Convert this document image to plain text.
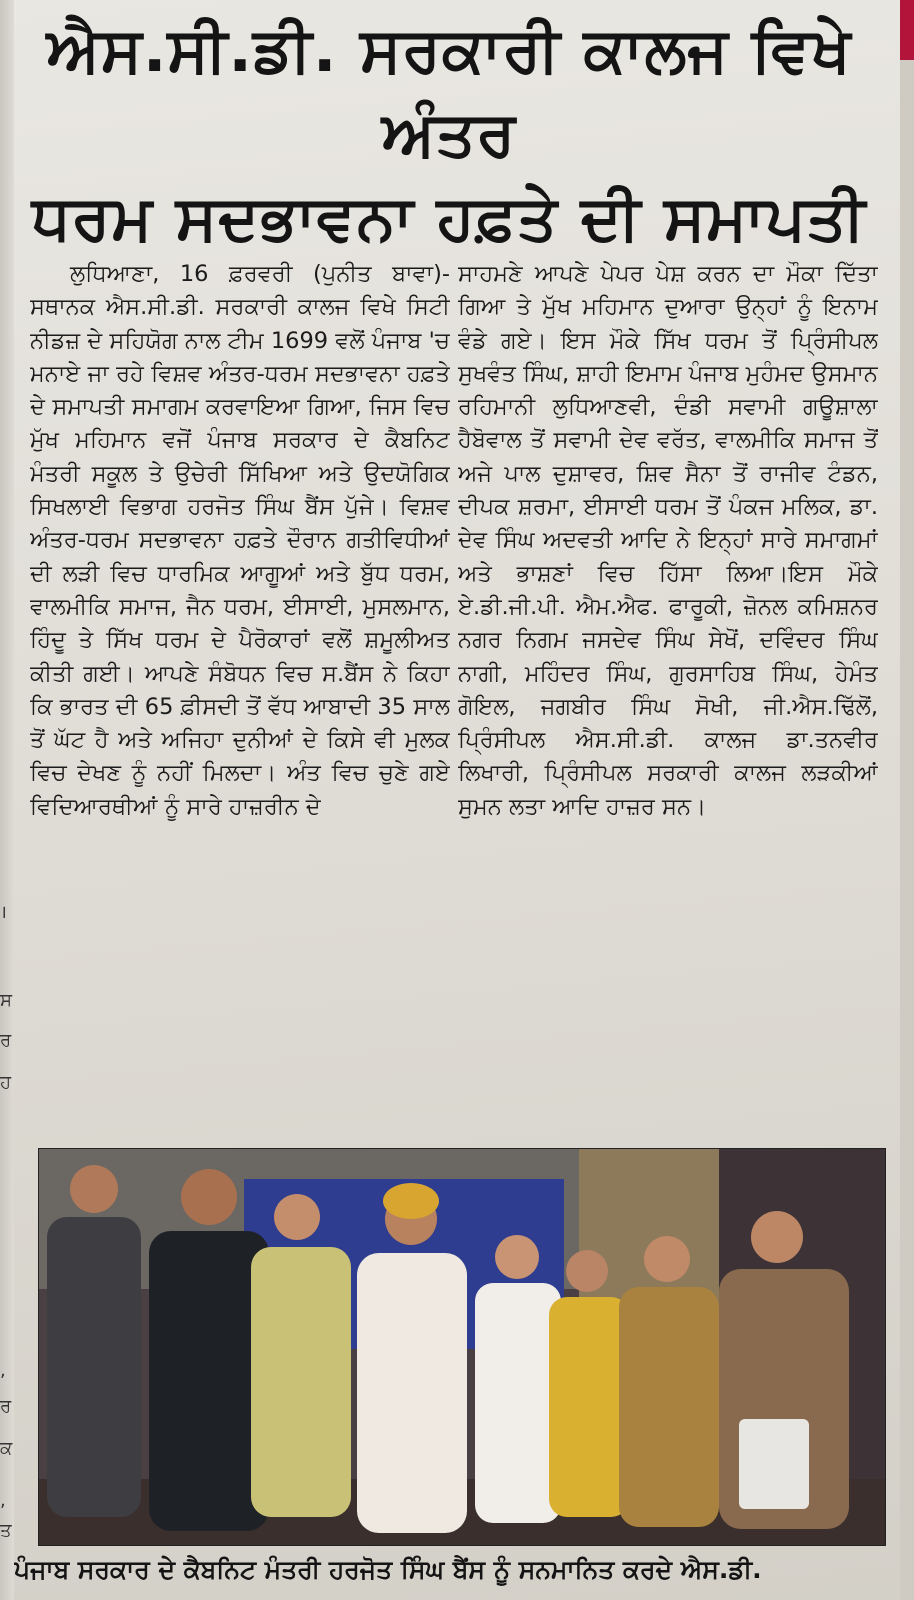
।
ਸ
ਰ
ਹ
,
ਰ
ਕ
,
ਤ
ਐਸ.ਸੀ.ਡੀ. ਸਰਕਾਰੀ ਕਾਲਜ ਵਿਖੇ ਅੰਤਰ
ਧਰਮ ਸਦਭਾਵਨਾ ਹਫ਼ਤੇ ਦੀ ਸਮਾਪਤੀ

ਲੁਧਿਆਣਾ, 16 ਫ਼ਰਵਰੀ (ਪੁਨੀਤ ਬਾਵਾ)-ਸਥਾਨਕ ਐਸ.ਸੀ.ਡੀ. ਸਰਕਾਰੀ ਕਾਲਜ ਵਿਖੇ ਸਿਟੀ ਨੀਡਜ਼ ਦੇ ਸਹਿਯੋਗ ਨਾਲ ਟੀਮ 1699 ਵਲੋਂ ਪੰਜਾਬ 'ਚ ਮਨਾਏ ਜਾ ਰਹੇ ਵਿਸ਼ਵ ਅੰਤਰ-ਧਰਮ ਸਦਭਾਵਨਾ ਹਫ਼ਤੇ ਦੇ ਸਮਾਪਤੀ ਸਮਾਗਮ ਕਰਵਾਇਆ ਗਿਆ, ਜਿਸ ਵਿਚ ਮੁੱਖ ਮਹਿਮਾਨ ਵਜੋਂ ਪੰਜਾਬ ਸਰਕਾਰ ਦੇ ਕੈਬਨਿਟ ਮੰਤਰੀ ਸਕੂਲ ਤੇ ਉਚੇਰੀ ਸਿੱਖਿਆ ਅਤੇ ਉਦਯੋਗਿਕ ਸਿਖਲਾਈ ਵਿਭਾਗ ਹਰਜੋਤ ਸਿੰਘ ਬੈਂਸ ਪੁੱਜੇ। ਵਿਸ਼ਵ ਅੰਤਰ-ਧਰਮ ਸਦਭਾਵਨਾ ਹਫ਼ਤੇ ਦੌਰਾਨ ਗਤੀਵਿਧੀਆਂ ਦੀ ਲੜੀ ਵਿਚ ਧਾਰਮਿਕ ਆਗੂਆਂ ਅਤੇ ਬੁੱਧ ਧਰਮ, ਵਾਲਮੀਕਿ ਸਮਾਜ, ਜੈਨ ਧਰਮ, ਈਸਾਈ, ਮੁਸਲਮਾਨ, ਹਿੰਦੂ ਤੇ ਸਿੱਖ ਧਰਮ ਦੇ ਪੈਰੋਕਾਰਾਂ ਵਲੋਂ ਸ਼ਮੂਲੀਅਤ ਕੀਤੀ ਗਈ। ਆਪਣੇ ਸੰਬੋਧਨ ਵਿਚ ਸ.ਬੈਂਸ ਨੇ ਕਿਹਾ ਕਿ ਭਾਰਤ ਦੀ 65 ਫ਼ੀਸਦੀ ਤੋਂ ਵੱਧ ਆਬਾਦੀ 35 ਸਾਲ ਤੋਂ ਘੱਟ ਹੈ ਅਤੇ ਅਜਿਹਾ ਦੁਨੀਆਂ ਦੇ ਕਿਸੇ ਵੀ ਮੁਲਕ ਵਿਚ ਦੇਖਣ ਨੂੰ ਨਹੀਂ ਮਿਲਦਾ। ਅੰਤ ਵਿਚ ਚੁਣੇ ਗਏ ਵਿਦਿਆਰਥੀਆਂ ਨੂੰ ਸਾਰੇ ਹਾਜ਼ਰੀਨ ਦੇ

ਸਾਹਮਣੇ ਆਪਣੇ ਪੇਪਰ ਪੇਸ਼ ਕਰਨ ਦਾ ਮੌਕਾ ਦਿੱਤਾ ਗਿਆ ਤੇ ਮੁੱਖ ਮਹਿਮਾਨ ਦੁਆਰਾ ਉਨ੍ਹਾਂ ਨੂੰ ਇਨਾਮ ਵੰਡੇ ਗਏ। ਇਸ ਮੌਕੇ ਸਿੱਖ ਧਰਮ ਤੋਂ ਪ੍ਰਿੰਸੀਪਲ ਸੁਖਵੰਤ ਸਿੰਘ, ਸ਼ਾਹੀ ਇਮਾਮ ਪੰਜਾਬ ਮੁਹੰਮਦ ਉਸਮਾਨ ਰਹਿਮਾਨੀ ਲੁਧਿਆਣਵੀ, ਦੰਡੀ ਸਵਾਮੀ ਗਊਸ਼ਾਲਾ ਹੈਬੋਵਾਲ ਤੋਂ ਸਵਾਮੀ ਦੇਵ ਵਰੱਤ, ਵਾਲਮੀਕਿ ਸਮਾਜ ਤੋਂ ਅਜੇ ਪਾਲ ਦੁਸ਼ਾਵਰ, ਸ਼ਿਵ ਸੈਨਾ ਤੋਂ ਰਾਜੀਵ ਟੰਡਨ, ਦੀਪਕ ਸ਼ਰਮਾ, ਈਸਾਈ ਧਰਮ ਤੋਂ ਪੰਕਜ ਮਲਿਕ, ਡਾ. ਦੇਵ ਸਿੰਘ ਅਦਵਤੀ ਆਦਿ ਨੇ ਇਨ੍ਹਾਂ ਸਾਰੇ ਸਮਾਗਮਾਂ ਅਤੇ ਭਾਸ਼ਣਾਂ ਵਿਚ ਹਿੱਸਾ ਲਿਆ।ਇਸ ਮੌਕੇ ਏ.ਡੀ.ਜੀ.ਪੀ. ਐਮ.ਐਫ. ਫਾਰੂਕੀ, ਜ਼ੋਨਲ ਕਮਿਸ਼ਨਰ ਨਗਰ ਨਿਗਮ ਜਸਦੇਵ ਸਿੰਘ ਸੇਖੋਂ, ਦਵਿੰਦਰ ਸਿੰਘ ਨਾਗੀ, ਮਹਿੰਦਰ ਸਿੰਘ, ਗੁਰਸਾਹਿਬ ਸਿੰਘ, ਹੇਮੰਤ ਗੋਇਲ, ਜਗਬੀਰ ਸਿੰਘ ਸੋਖੀ, ਜੀ.ਐਸ.ਢਿੱਲੋਂ, ਪ੍ਰਿੰਸੀਪਲ ਐਸ.ਸੀ.ਡੀ. ਕਾਲਜ ਡਾ.ਤਨਵੀਰ ਲਿਖਾਰੀ, ਪ੍ਰਿੰਸੀਪਲ ਸਰਕਾਰੀ ਕਾਲਜ ਲੜਕੀਆਂ ਸੁਮਨ ਲਤਾ ਆਦਿ ਹਾਜ਼ਰ ਸਨ।

ਪੰਜਾਬ ਸਰਕਾਰ ਦੇ ਕੈਬਨਿਟ ਮੰਤਰੀ ਹਰਜੋਤ ਸਿੰਘ ਬੈਂਸ ਨੂੰ ਸਨਮਾਨਿਤ ਕਰਦੇ ਐਸ.ਡੀ.
